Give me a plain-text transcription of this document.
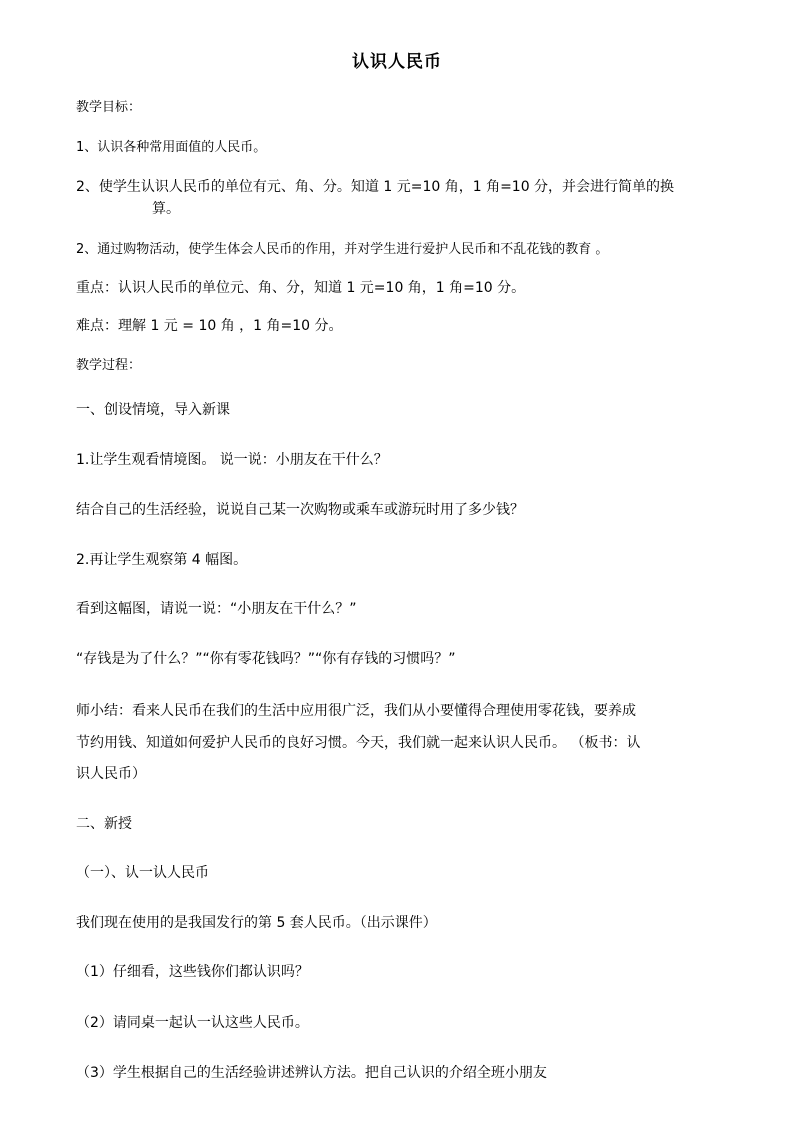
认识人民币
教学目标：
1、认识各种常用面值的人民币。
2、使学生认识人民币的单位有元、角、分。知道 1 元=10 角，1 角=10 分，并会进行简单的换
算。
2、通过购物活动，使学生体会人民币的作用，并对学生进行爱护人民币和不乱花钱的教育 。
重点：认识人民币的单位元、角、分，知道 1 元=10 角，1 角=10 分。
难点：理解 1 元 = 10 角 ，1 角=10 分。
教学过程：
一、创设情境，导入新课
1.让学生观看情境图。 说一说：小朋友在干什么？
结合自己的生活经验，说说自己某一次购物或乘车或游玩时用了多少钱？
2.再让学生观察第 4 幅图。
看到这幅图，请说一说：“小朋友在干什么？”
“存钱是为了什么？”“你有零花钱吗？”“你有存钱的习惯吗？”
师小结：看来人民币在我们的生活中应用很广泛，我们从小要懂得合理使用零花钱，要养成
节约用钱、知道如何爱护人民币的良好习惯。今天，我们就一起来认识人民币。 （板书：认
识人民币）
二、新授
（一）、认一认人民币
我们现在使用的是我国发行的第 5 套人民币。（出示课件）
（1）仔细看，这些钱你们都认识吗？
（2）请同桌一起认一认这些人民币。
（3）学生根据自己的生活经验讲述辨认方法。把自己认识的介绍全班小朋友
